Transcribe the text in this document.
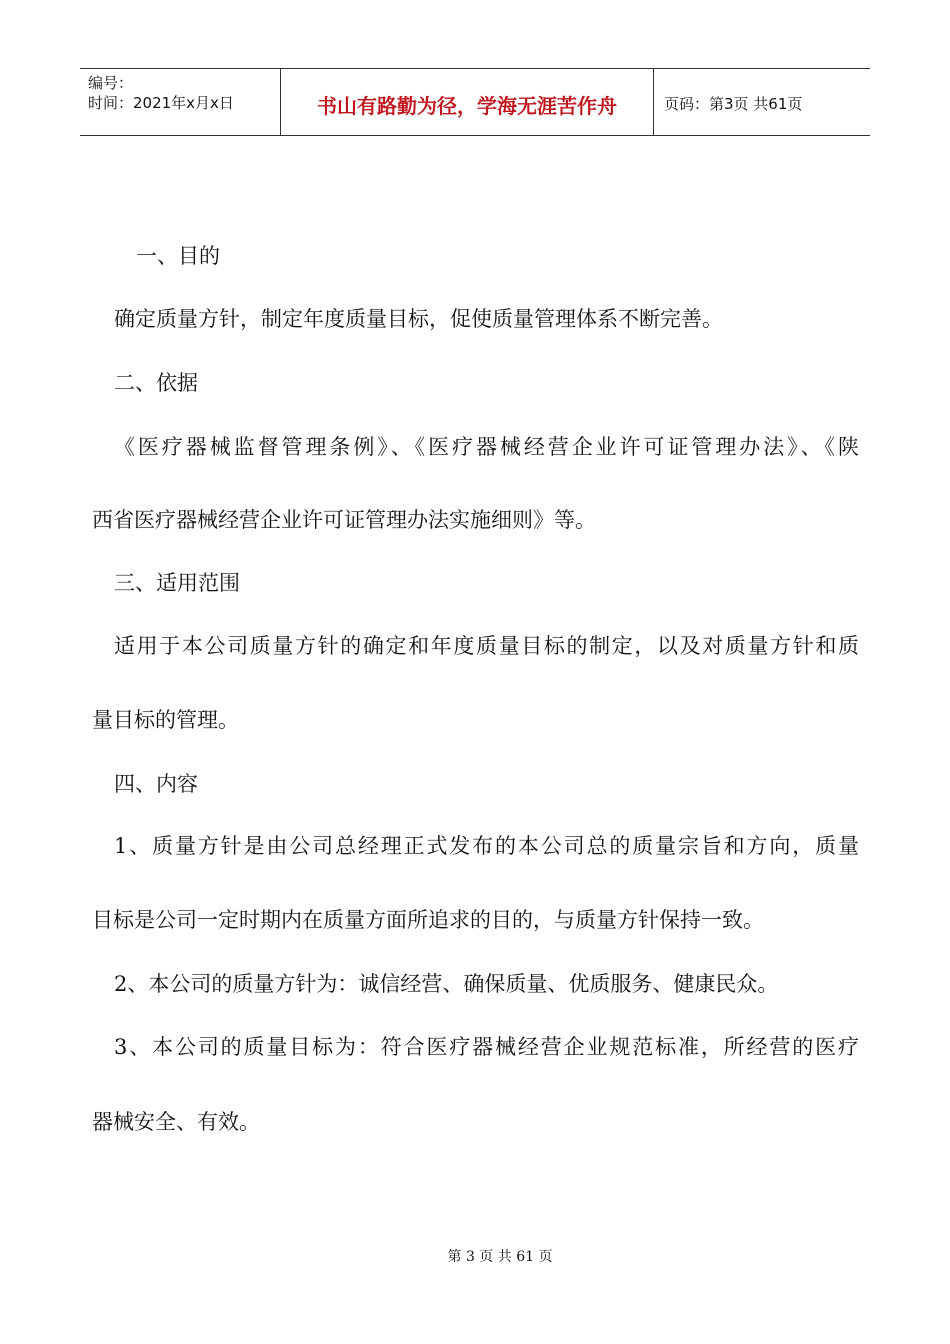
编号：
时间：2021年x月x日	书山有路勤为径，学海无涯苦作舟	页码：第3页 共61页
一、目的
确定质量方针，制定年度质量目标，促使质量管理体系不断完善。
二、依据
《医疗器械监督管理条例》、《医疗器械经营企业许可证管理办法》、《陕
西省医疗器械经营企业许可证管理办法实施细则》等。
三、适用范围
适用于本公司质量方针的确定和年度质量目标的制定，以及对质量方针和质
量目标的管理。
四、内容
1、质量方针是由公司总经理正式发布的本公司总的质量宗旨和方向，质量
目标是公司一定时期内在质量方面所追求的目的，与质量方针保持一致。
2、本公司的质量方针为：诚信经营、确保质量、优质服务、健康民众。
3、本公司的质量目标为：符合医疗器械经营企业规范标准，所经营的医疗
器械安全、有效。
第 3 页 共 61 页
